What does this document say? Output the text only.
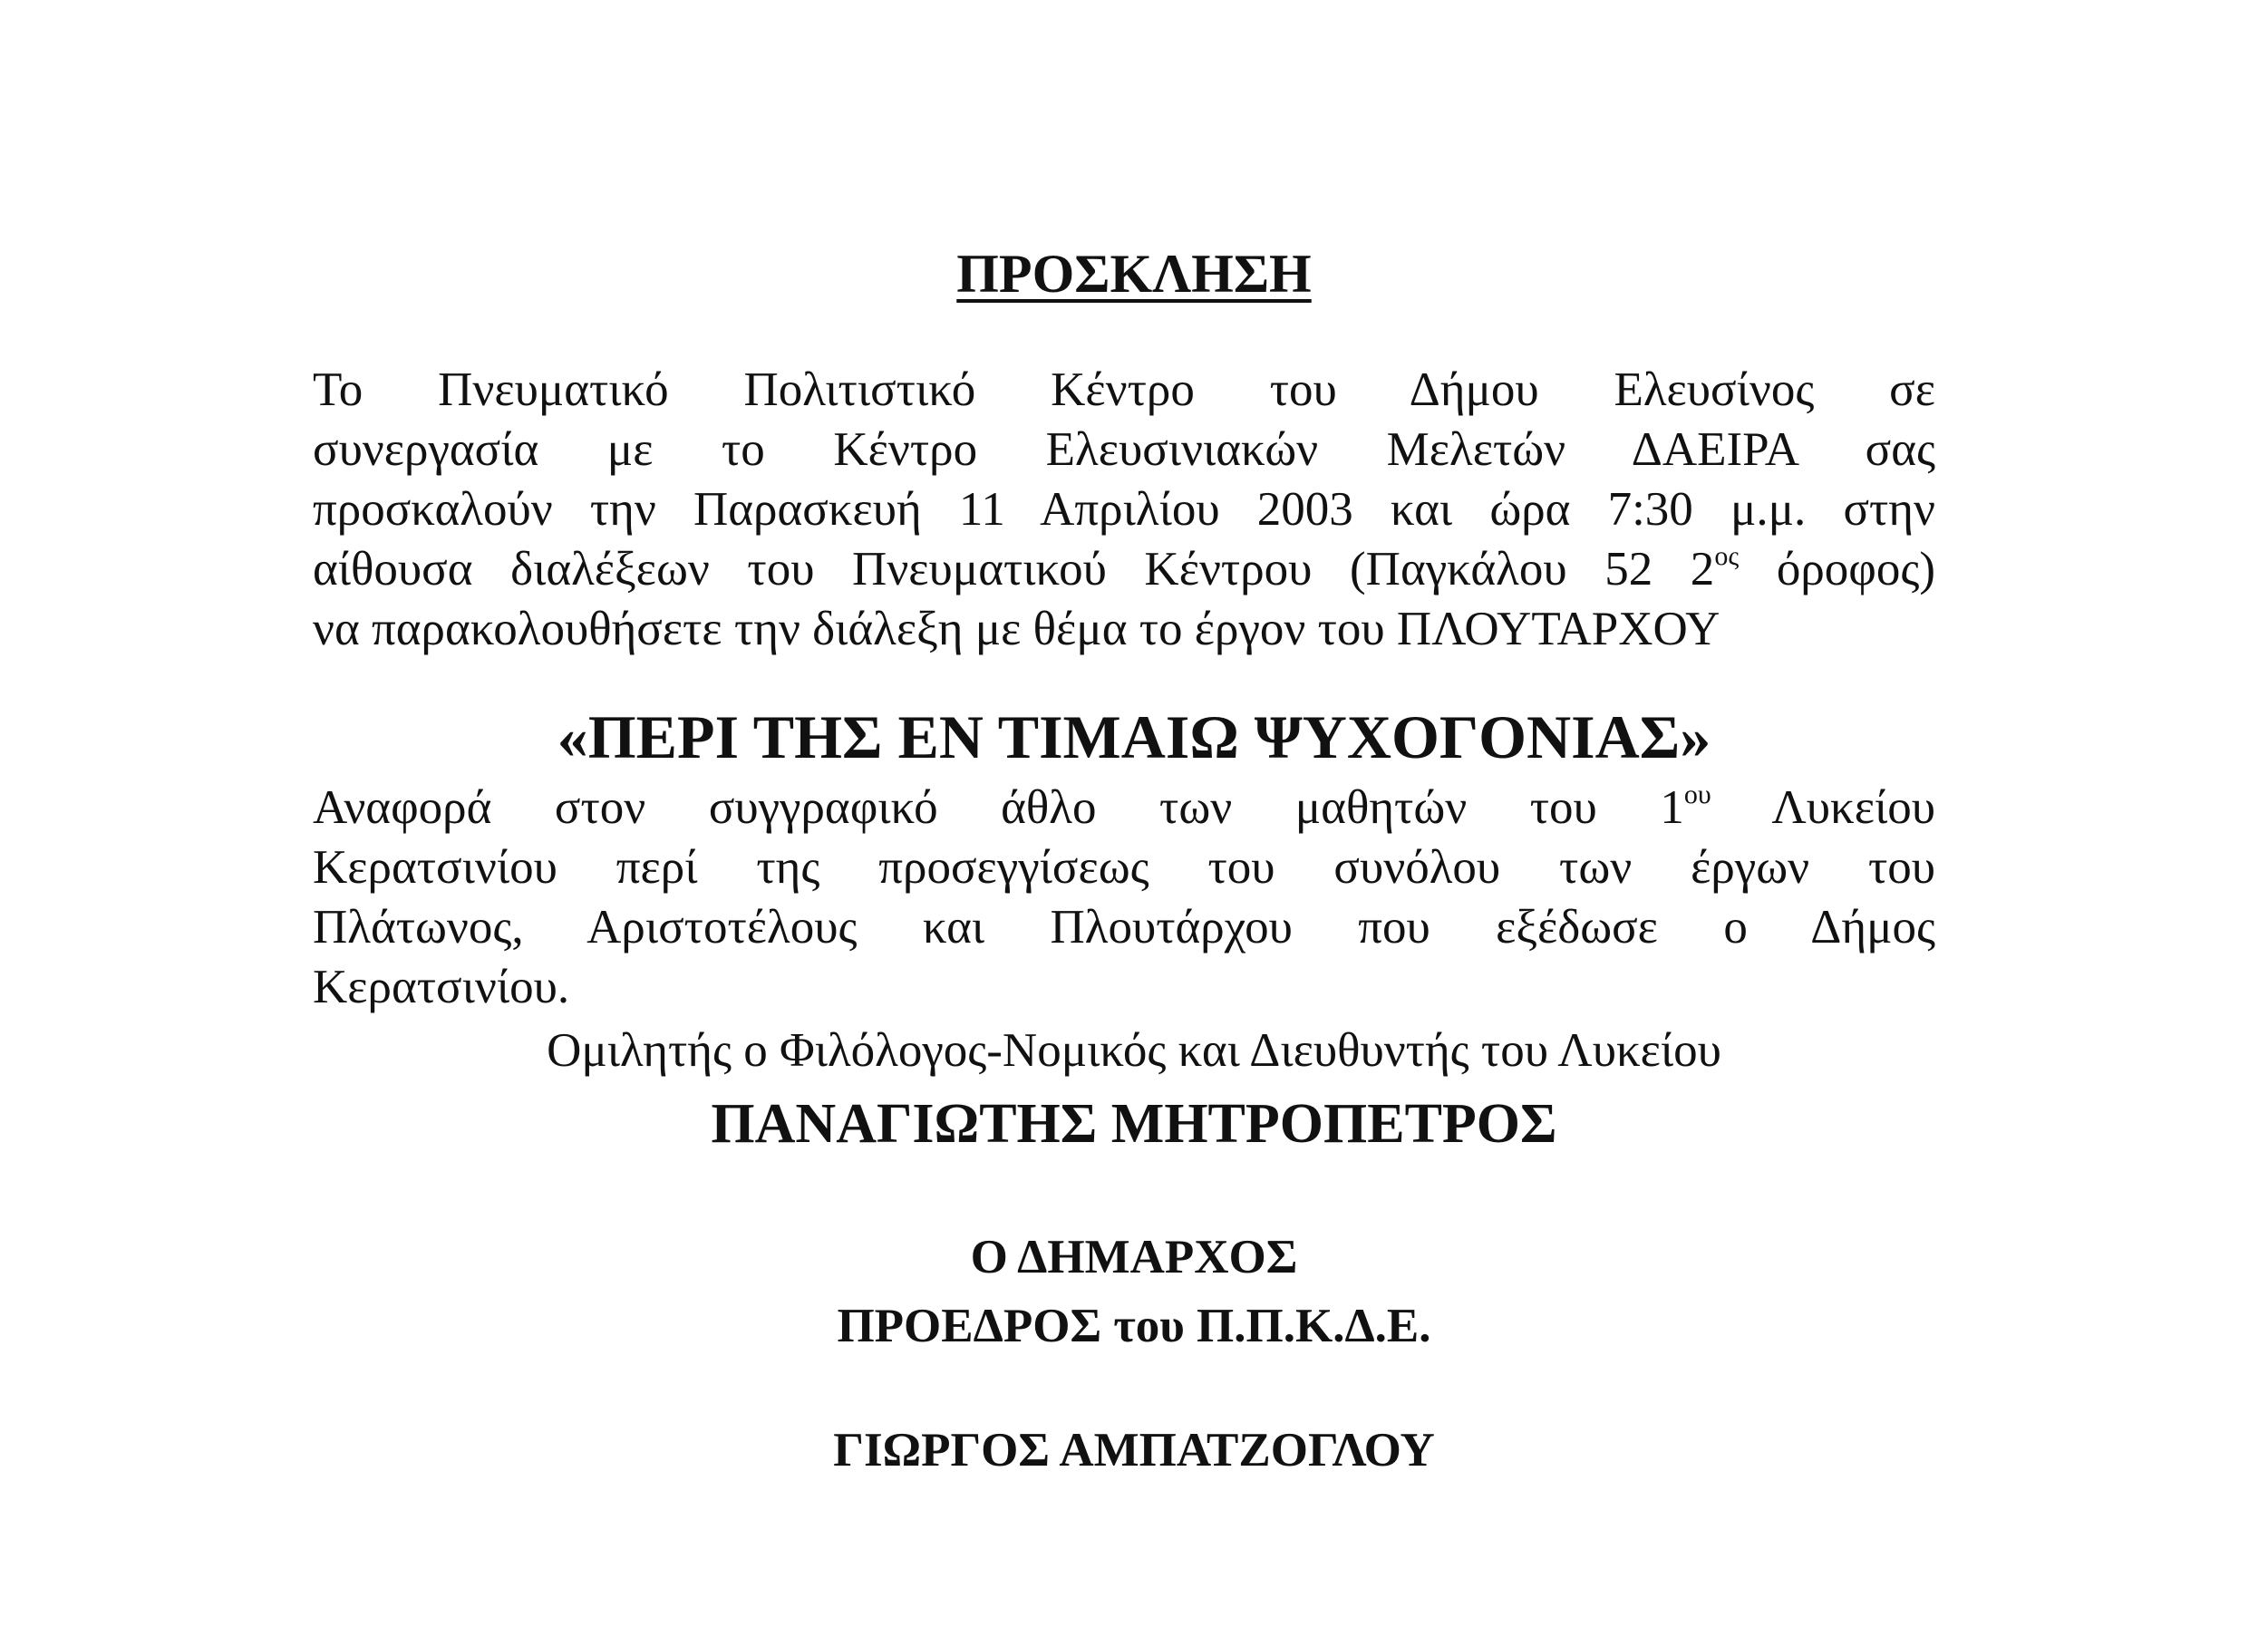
ΠΡΟΣΚΛΗΣΗ
Το Πνευματικό Πολιτιστικό Κέντρο του Δήμου Ελευσίνος σε
συνεργασία με το Κέντρο Ελευσινιακών Μελετών ΔΑΕΙΡΑ σας
προσκαλούν την Παρασκευή 11 Απριλίου 2003 και ώρα 7:30 μ.μ. στην
αίθουσα διαλέξεων του Πνευματικού Κέντρου (Παγκάλου 52 $2^{o\varsigma}$ όροφος)
να παρακολουθήσετε την διάλεξη με θέμα το έργον του ΠΛΟΥΤΑΡΧΟΥ
«ΠΕΡΙ ΤΗΣ ΕΝ ΤΙΜΑΙΩ ΨΥΧΟΓΟΝΙΑΣ»
Αναφορά στον συγγραφικό άθλο των μαθητών του $1^{o\upsilon}$ Λυκείου
Κερατσινίου περί της προσεγγίσεως του συνόλου των έργων του
Πλάτωνος, Αριστοτέλους και Πλουτάρχου που εξέδωσε ο Δήμος
Κερατσινίου.
Ομιλητής ο Φιλόλογος-Νομικός και Διευθυντής του Λυκείου
ΠΑΝΑΓΙΩΤΗΣ ΜΗΤΡΟΠΕΤΡΟΣ
Ο ΔΗΜΑΡΧΟΣ
ΠΡΟΕΔΡΟΣ του Π.Π.Κ.Δ.Ε.
ΓΙΩΡΓΟΣ ΑΜΠΑΤΖΟΓΛΟΥ
